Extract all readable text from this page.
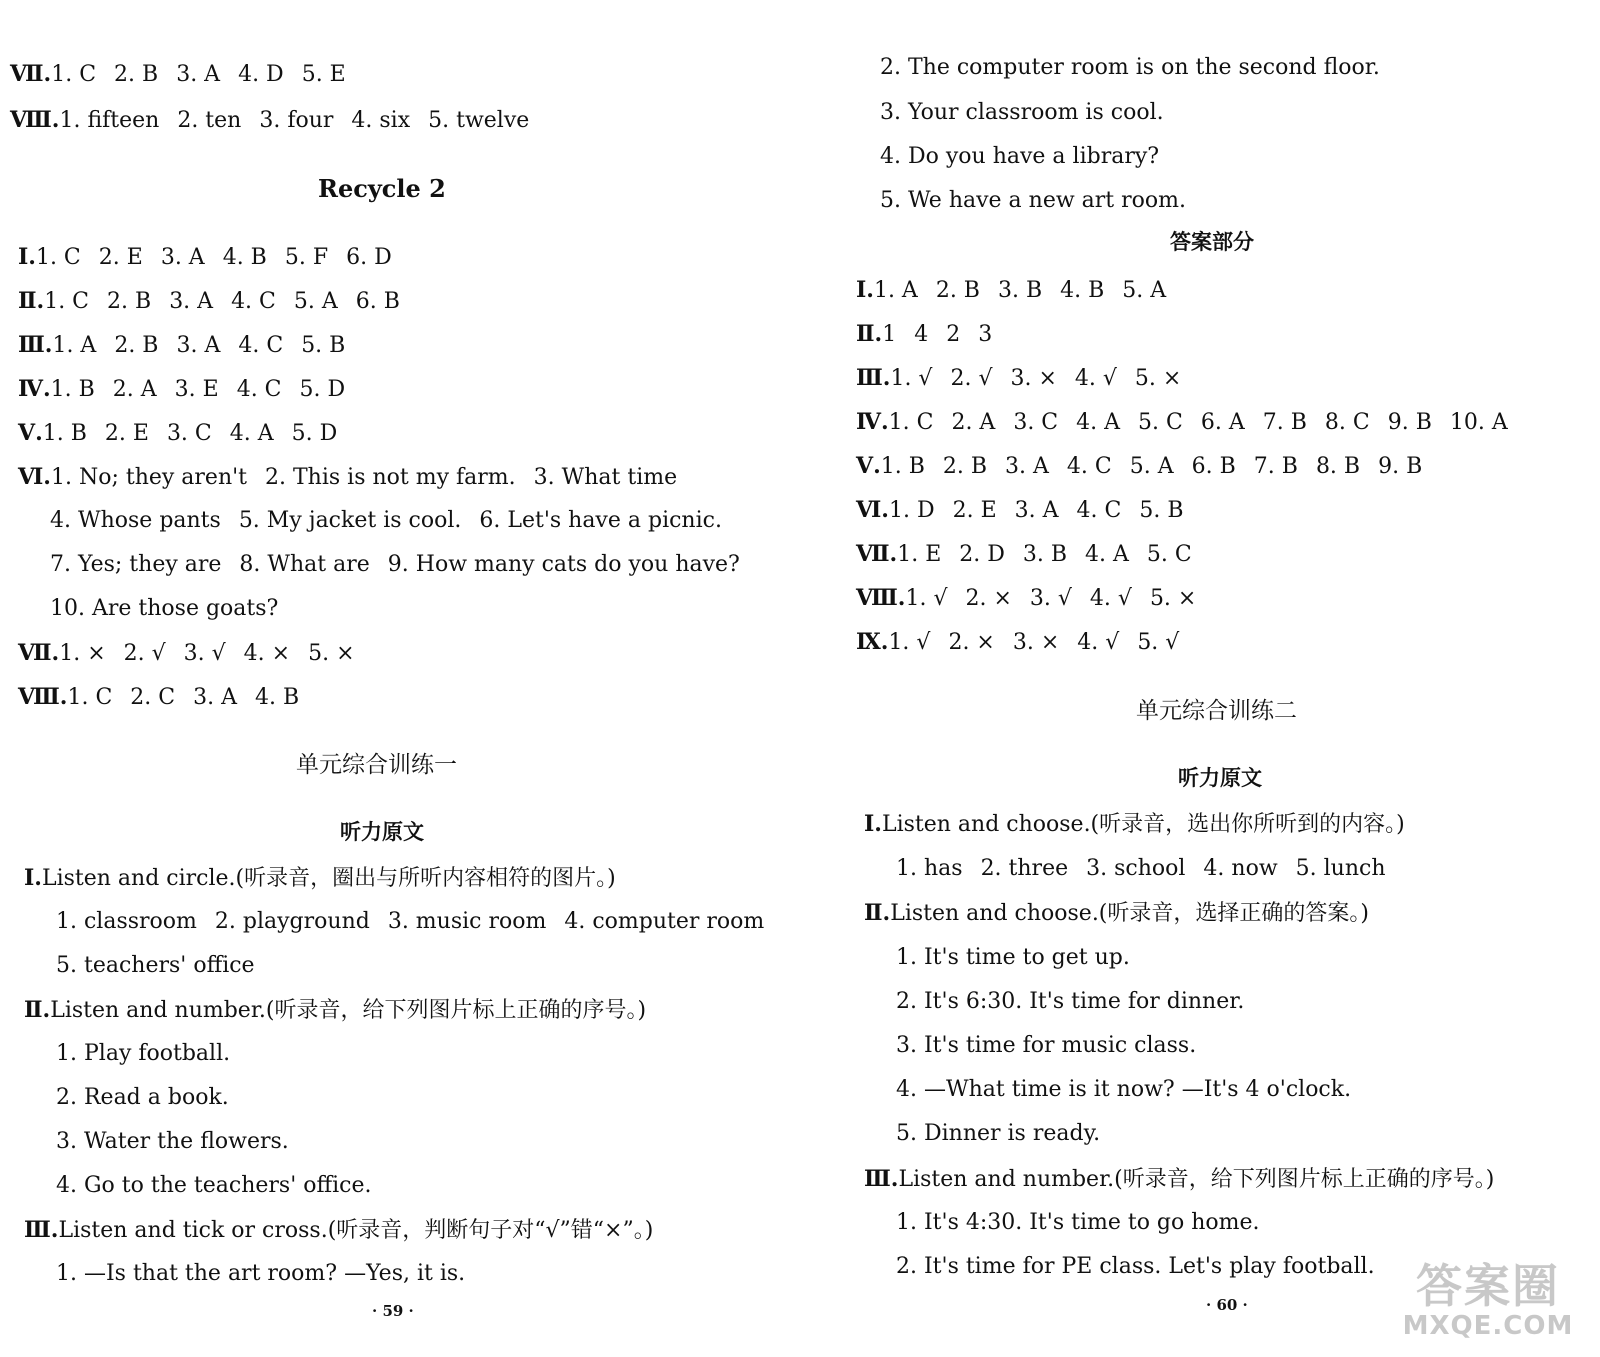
Ⅶ.1. C 2. B 3. A 4. D 5. E
Ⅷ.1. fifteen 2. ten 3. four 4. six 5. twelve
Recycle 2
Ⅰ.1. C 2. E 3. A 4. B 5. F 6. D
Ⅱ.1. C 2. B 3. A 4. C 5. A 6. B
Ⅲ.1. A 2. B 3. A 4. C 5. B
Ⅳ.1. B 2. A 3. E 4. C 5. D
Ⅴ.1. B 2. E 3. C 4. A 5. D
Ⅵ.1. No; they aren't 2. This is not my farm. 3. What time
4. Whose pants 5. My jacket is cool. 6. Let's have a picnic.
7. Yes; they are 8. What are 9. How many cats do you have?
10. Are those goats?
Ⅶ.1. × 2. √ 3. √ 4. × 5. ×
Ⅷ.1. C 2. C 3. A 4. B
单元综合训练一
听力原文
Ⅰ.Listen and circle.(听录音，圈出与所听内容相符的图片。)
1. classroom 2. playground 3. music room 4. computer room
5. teachers' office
Ⅱ.Listen and number.(听录音，给下列图片标上正确的序号。)
1. Play football.
2. Read a book.
3. Water the flowers.
4. Go to the teachers' office.
Ⅲ.Listen and tick or cross.(听录音，判断句子对“√”错“×”。)
1. —Is that the art room? —Yes, it is.
· 59 ·
2. The computer room is on the second floor.
3. Your classroom is cool.
4. Do you have a library?
5. We have a new art room.
答案部分
Ⅰ.1. A 2. B 3. B 4. B 5. A
Ⅱ.1 4 2 3
Ⅲ.1. √ 2. √ 3. × 4. √ 5. ×
Ⅳ.1. C 2. A 3. C 4. A 5. C 6. A 7. B 8. C 9. B 10. A
Ⅴ.1. B 2. B 3. A 4. C 5. A 6. B 7. B 8. B 9. B
Ⅵ.1. D 2. E 3. A 4. C 5. B
Ⅶ.1. E 2. D 3. B 4. A 5. C
Ⅷ.1. √ 2. × 3. √ 4. √ 5. ×
Ⅸ.1. √ 2. × 3. × 4. √ 5. √
单元综合训练二
听力原文
Ⅰ.Listen and choose.(听录音，选出你所听到的内容。)
1. has 2. three 3. school 4. now 5. lunch
Ⅱ.Listen and choose.(听录音，选择正确的答案。)
1. It's time to get up.
2. It's 6:30. It's time for dinner.
3. It's time for music class.
4. —What time is it now? —It's 4 o'clock.
5. Dinner is ready.
Ⅲ.Listen and number.(听录音，给下列图片标上正确的序号。)
1. It's 4:30. It's time to go home.
2. It's time for PE class. Let's play football.
· 60 ·	答案圈
MXQE.COM
